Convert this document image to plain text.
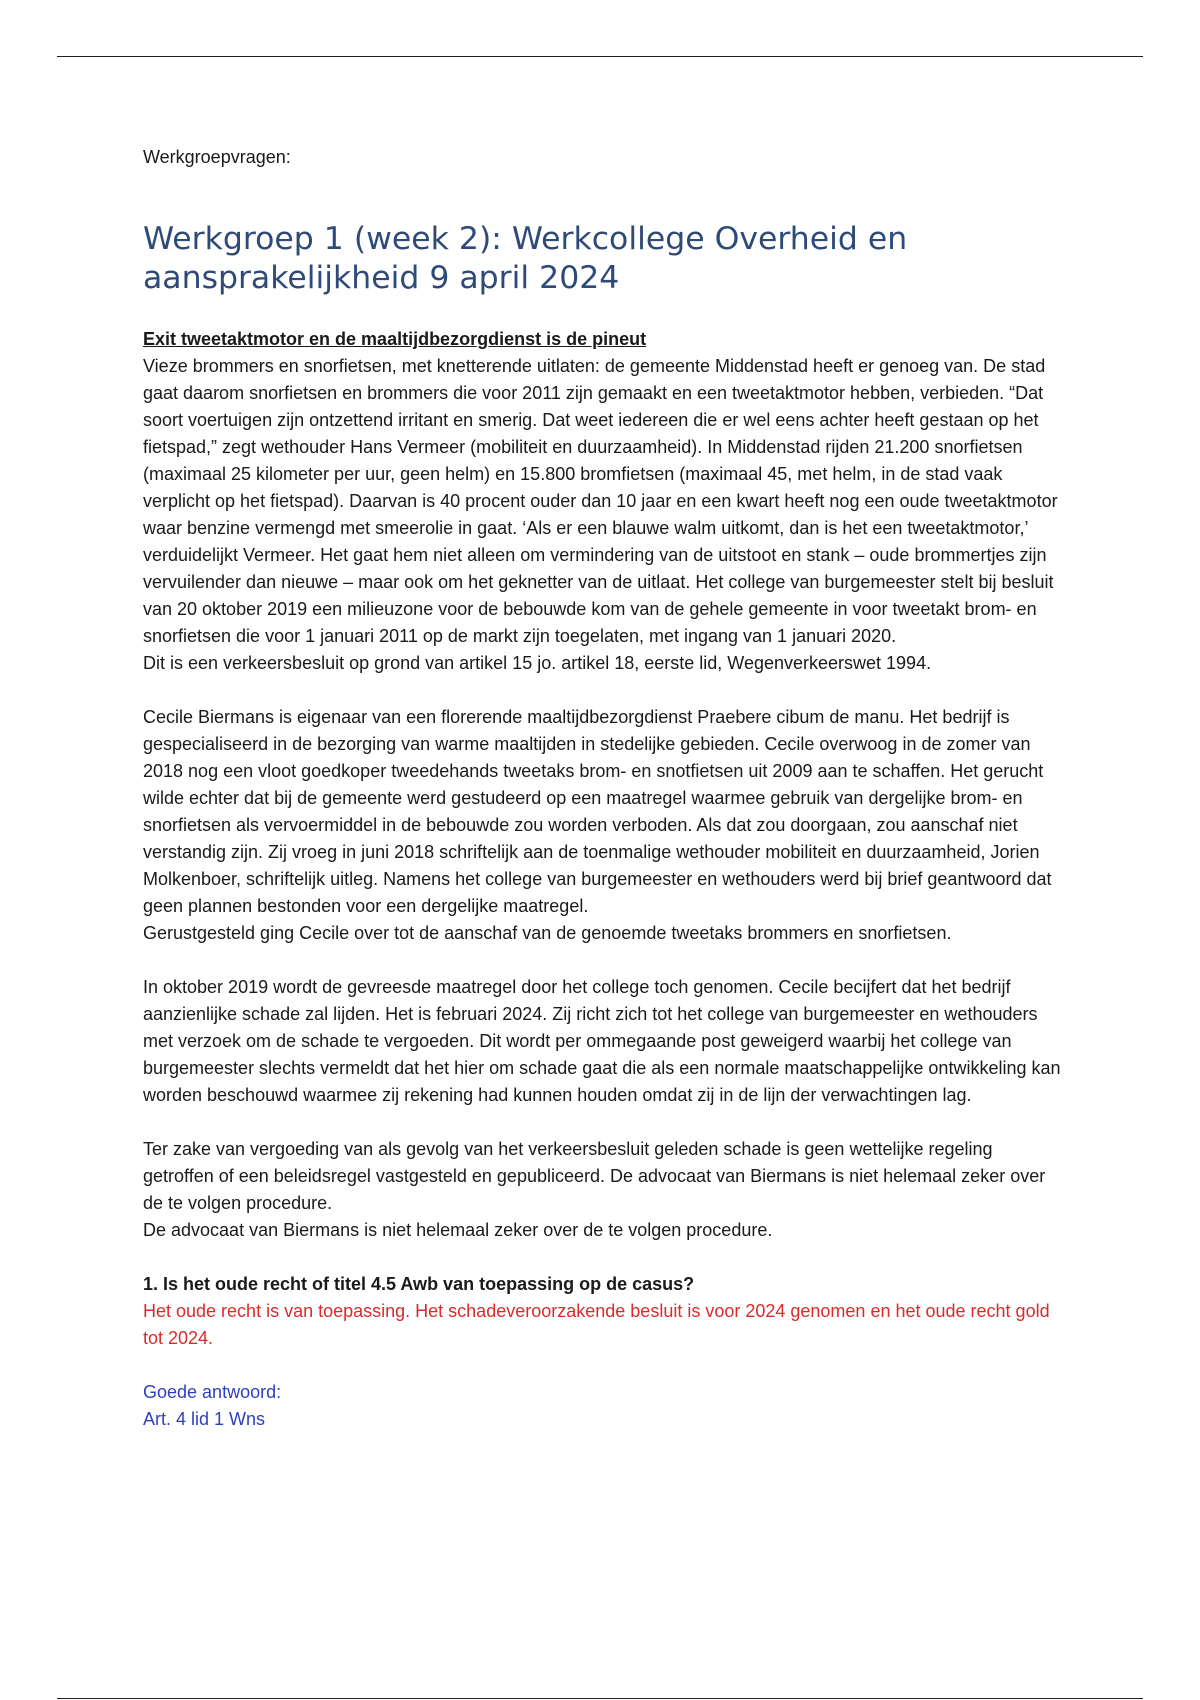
Werkgroepvragen:

Werkgroep 1 (week 2): Werkcollege Overheid en aansprakelijkheid 9 april 2024

Exit tweetaktmotor en de maaltijdbezorgdienst is de pineut

Vieze brommers en snorfietsen, met knetterende uitlaten: de gemeente Middenstad heeft er genoeg van. De stad gaat daarom snorfietsen en brommers die voor 2011 zijn gemaakt en een tweetaktmotor hebben, verbieden. “Dat soort voertuigen zijn ontzettend irritant en smerig. Dat weet iedereen die er wel eens achter heeft gestaan op het fietspad,” zegt wethouder Hans Vermeer (mobiliteit en duurzaamheid). In Middenstad rijden 21.200 snorfietsen (maximaal 25 kilometer per uur, geen helm) en 15.800 bromfietsen (maximaal 45, met helm, in de stad vaak verplicht op het fietspad). Daarvan is 40 procent ouder dan 10 jaar en een kwart heeft nog een oude tweetaktmotor waar benzine vermengd met smeerolie in gaat. ‘Als er een blauwe walm uitkomt, dan is het een tweetaktmotor,’ verduidelijkt Vermeer. Het gaat hem niet alleen om vermindering van de uitstoot en stank – oude brommertjes zijn vervuilender dan nieuwe – maar ook om het geknetter van de uitlaat. Het college van burgemeester stelt bij besluit van 20 oktober 2019 een milieuzone voor de bebouwde kom van de gehele gemeente in voor tweetakt brom- en snorfietsen die voor 1 januari 2011 op de markt zijn toegelaten, met ingang van 1 januari 2020.

Dit is een verkeersbesluit op grond van artikel 15 jo. artikel 18, eerste lid, Wegenverkeerswet 1994.

Cecile Biermans is eigenaar van een florerende maaltijdbezorgdienst Praebere cibum de manu. Het bedrijf is gespecialiseerd in de bezorging van warme maaltijden in stedelijke gebieden. Cecile overwoog in de zomer van 2018 nog een vloot goedkoper tweedehands tweetaks brom- en snotfietsen uit 2009 aan te schaffen. Het gerucht wilde echter dat bij de gemeente werd gestudeerd op een maatregel waarmee gebruik van dergelijke brom- en snorfietsen als vervoermiddel in de bebouwde zou worden verboden. Als dat zou doorgaan, zou aanschaf niet verstandig zijn. Zij vroeg in juni 2018 schriftelijk aan de toenmalige wethouder mobiliteit en duurzaamheid, Jorien Molkenboer, schriftelijk uitleg. Namens het college van burgemeester en wethouders werd bij brief geantwoord dat geen plannen bestonden voor een dergelijke maatregel.

Gerustgesteld ging Cecile over tot de aanschaf van de genoemde tweetaks brommers en snorfietsen.

In oktober 2019 wordt de gevreesde maatregel door het college toch genomen. Cecile becijfert dat het bedrijf aanzienlijke schade zal lijden. Het is februari 2024. Zij richt zich tot het college van burgemeester en wethouders met verzoek om de schade te vergoeden. Dit wordt per ommegaande post geweigerd waarbij het college van burgemeester slechts vermeldt dat het hier om schade gaat die als een normale maatschappelijke ontwikkeling kan worden beschouwd waarmee zij rekening had kunnen houden omdat zij in de lijn der verwachtingen lag.

Ter zake van vergoeding van als gevolg van het verkeersbesluit geleden schade is geen wettelijke regeling getroffen of een beleidsregel vastgesteld en gepubliceerd. De advocaat van Biermans is niet helemaal zeker over de te volgen procedure.

De advocaat van Biermans is niet helemaal zeker over de te volgen procedure.

1. Is het oude recht of titel 4.5 Awb van toepassing op de casus?

Het oude recht is van toepassing. Het schadeveroorzakende besluit is voor 2024 genomen en het oude recht gold tot 2024.

Goede antwoord:

Art. 4 lid 1 Wns
